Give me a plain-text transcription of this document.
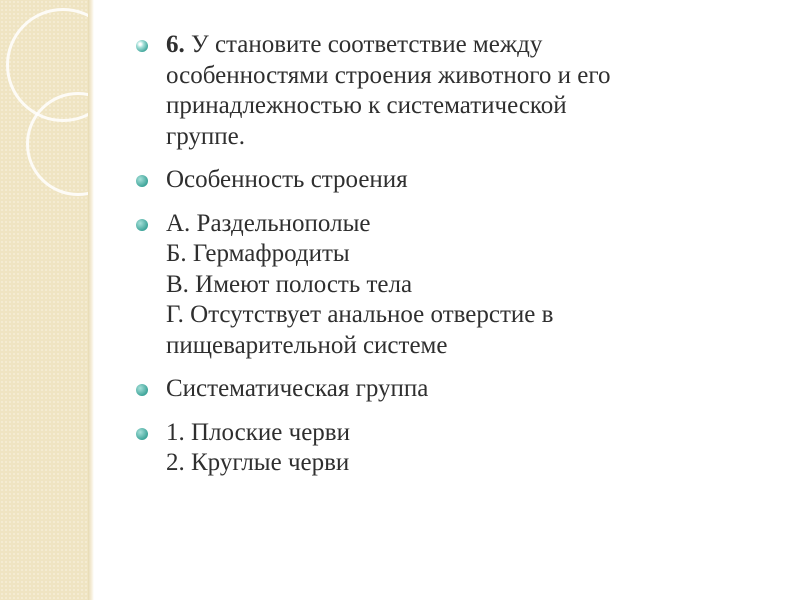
6. У становите соответствие между
особенностями строения животного и его
принадлежностью к систематической
группе.
Особенность строения
А. Раздельнополые
Б. Гермафродиты
В. Имеют полость тела
Г. Отсутствует анальное отверстие в
пищеварительной системе
Систематическая группа
1. Плоские черви
2. Круглые черви
